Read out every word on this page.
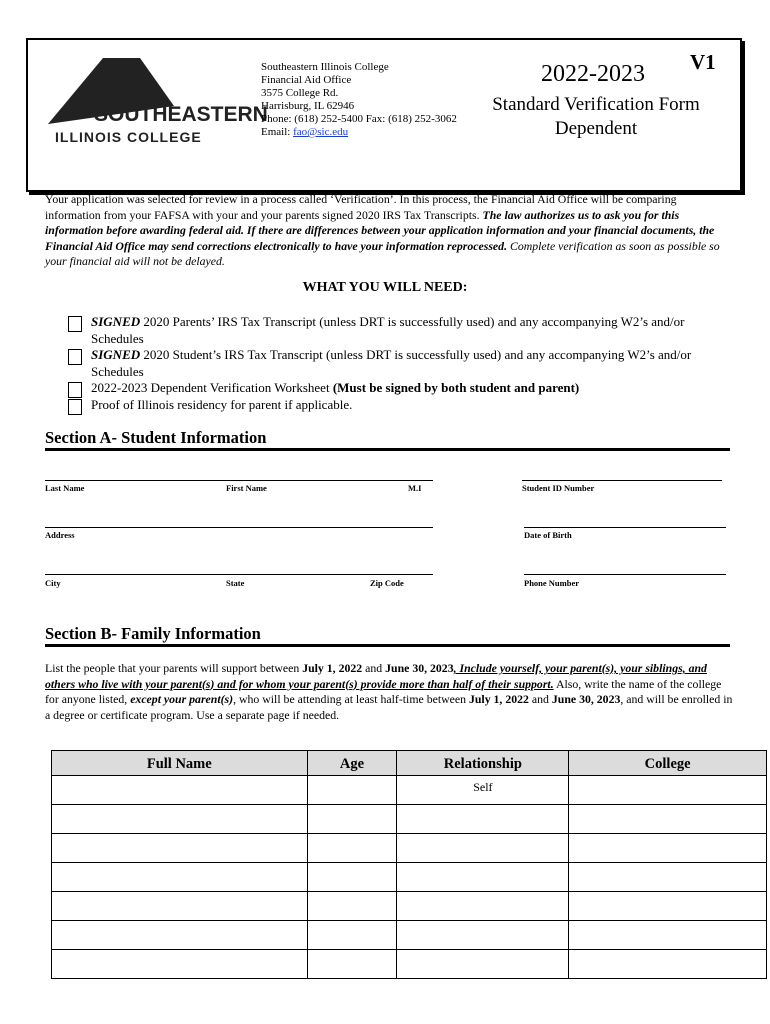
SOUTHEASTERN
ILLINOIS COLLEGE
Southeastern Illinois College
Financial Aid Office
3575 College Rd.
Harrisburg, IL 62946
Phone: (618) 252-5400 Fax: (618) 252-3062
Email: fao@sic.edu
V1
2022-2023
Standard Verification Form
Dependent
Your application was selected for review in a process called ‘Verification’. In this process, the Financial Aid Office will be comparing information from your FAFSA with your and your parents signed 2020 IRS Tax Transcripts. The law authorizes us to ask you for this information before awarding federal aid. If there are differences between your application information and your financial documents, the Financial Aid Office may send corrections electronically to have your information reprocessed. Complete verification as soon as possible so your financial aid will not be delayed.
WHAT YOU WILL NEED:
SIGNED 2020 Parents’ IRS Tax Transcript (unless DRT is successfully used) and any accompanying W2’s and/or Schedules
SIGNED 2020 Student’s IRS Tax Transcript (unless DRT is successfully used) and any accompanying W2’s and/or Schedules
2022-2023 Dependent Verification Worksheet (Must be signed by both student and parent)
Proof of Illinois residency for parent if applicable.
Section A- Student Information
Last Name	First Name	M.I	Student ID Number
Address	Date of Birth
City	State	Zip Code	Phone Number
Section B- Family Information
List the people that your parents will support between July 1, 2022 and June 30, 2023, Include yourself, your parent(s), your siblings, and others who live with your parent(s) and for whom your parent(s) provide more than half of their support. Also, write the name of the college for anyone listed, except your parent(s), who will be attending at least half-time between July 1, 2022 and June 30, 2023, and will be enrolled in a degree or certificate program. Use a separate page if needed.
Full Name	Age	Relationship	College
		Self	
